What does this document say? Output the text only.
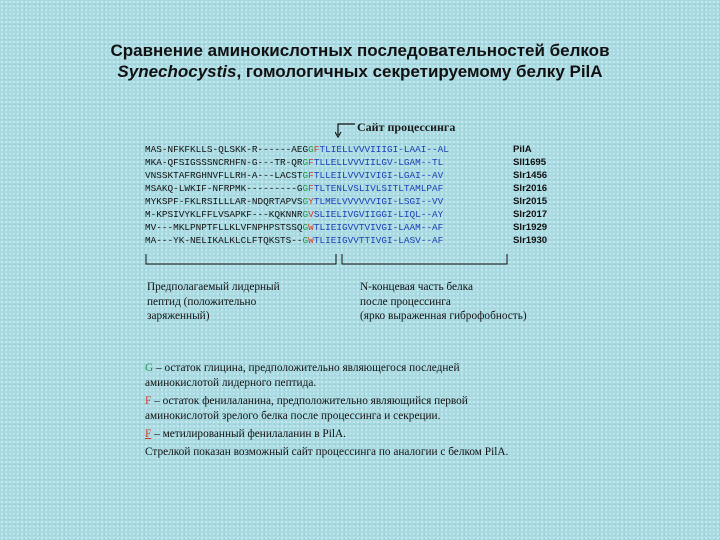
Сравнение аминокислотных последовательностей белков
Synechocystis, гомологичных секретируемому белку PilA
Сайт процессинга
MAS-NFKFKLLS-QLSKK-R------AEGGFTLIELLVVVIIIGI-LAAI--AL
MKA-QFSIGSSSNCRHFN-G---TR-QRGFTLLELLVVVIILGV-LGAM--TL
VNSSKTAFRGHNVFLLRH-A---LACSTGFTLLEILVVVIVIGI-LGAI--AV
MSAKQ-LWKIF-NFRPMK---------GGFTLTENLVSLIVLSITLTAMLPAF
MYKSPF-FKLRSILLLAR-NDQRTAPVSGYTLMELVVVVVVIGI-LSGI--VV
M-KPSIVYKLFFLVSAPKF---KQKNNRGVSLIELIVGVIIGGI-LIQL--AY
MV---MKLPNPTFLLKLVFNPHPSTSSQGWTLIEIGVVTVIVGI-LAAM--AF
MA---YK-NELIKALKLCLFTQKSTS--GWTLIEIGVVTTIVGI-LASV--AF
PilA
Sll1695
Slr1456
Slr2016
Slr2015
Slr2017
Slr1929
Slr1930
Предполагаемый лидерный
пептид (положительно
заряженный)
N-концевая часть белка
после процессинга
(ярко выраженная гиброфобность)
G – остаток глицина, предположительно являющегося последней
аминокислотой лидерного пептида.
F – остаток фенилаланина, предположительно являющийся первой
аминокислотой зрелого белка после процессинга и секреции.
F – метилированный фенилаланин в PilA.
Стрелкой показан возможный сайт процессинга по аналогии с белком PilA.
